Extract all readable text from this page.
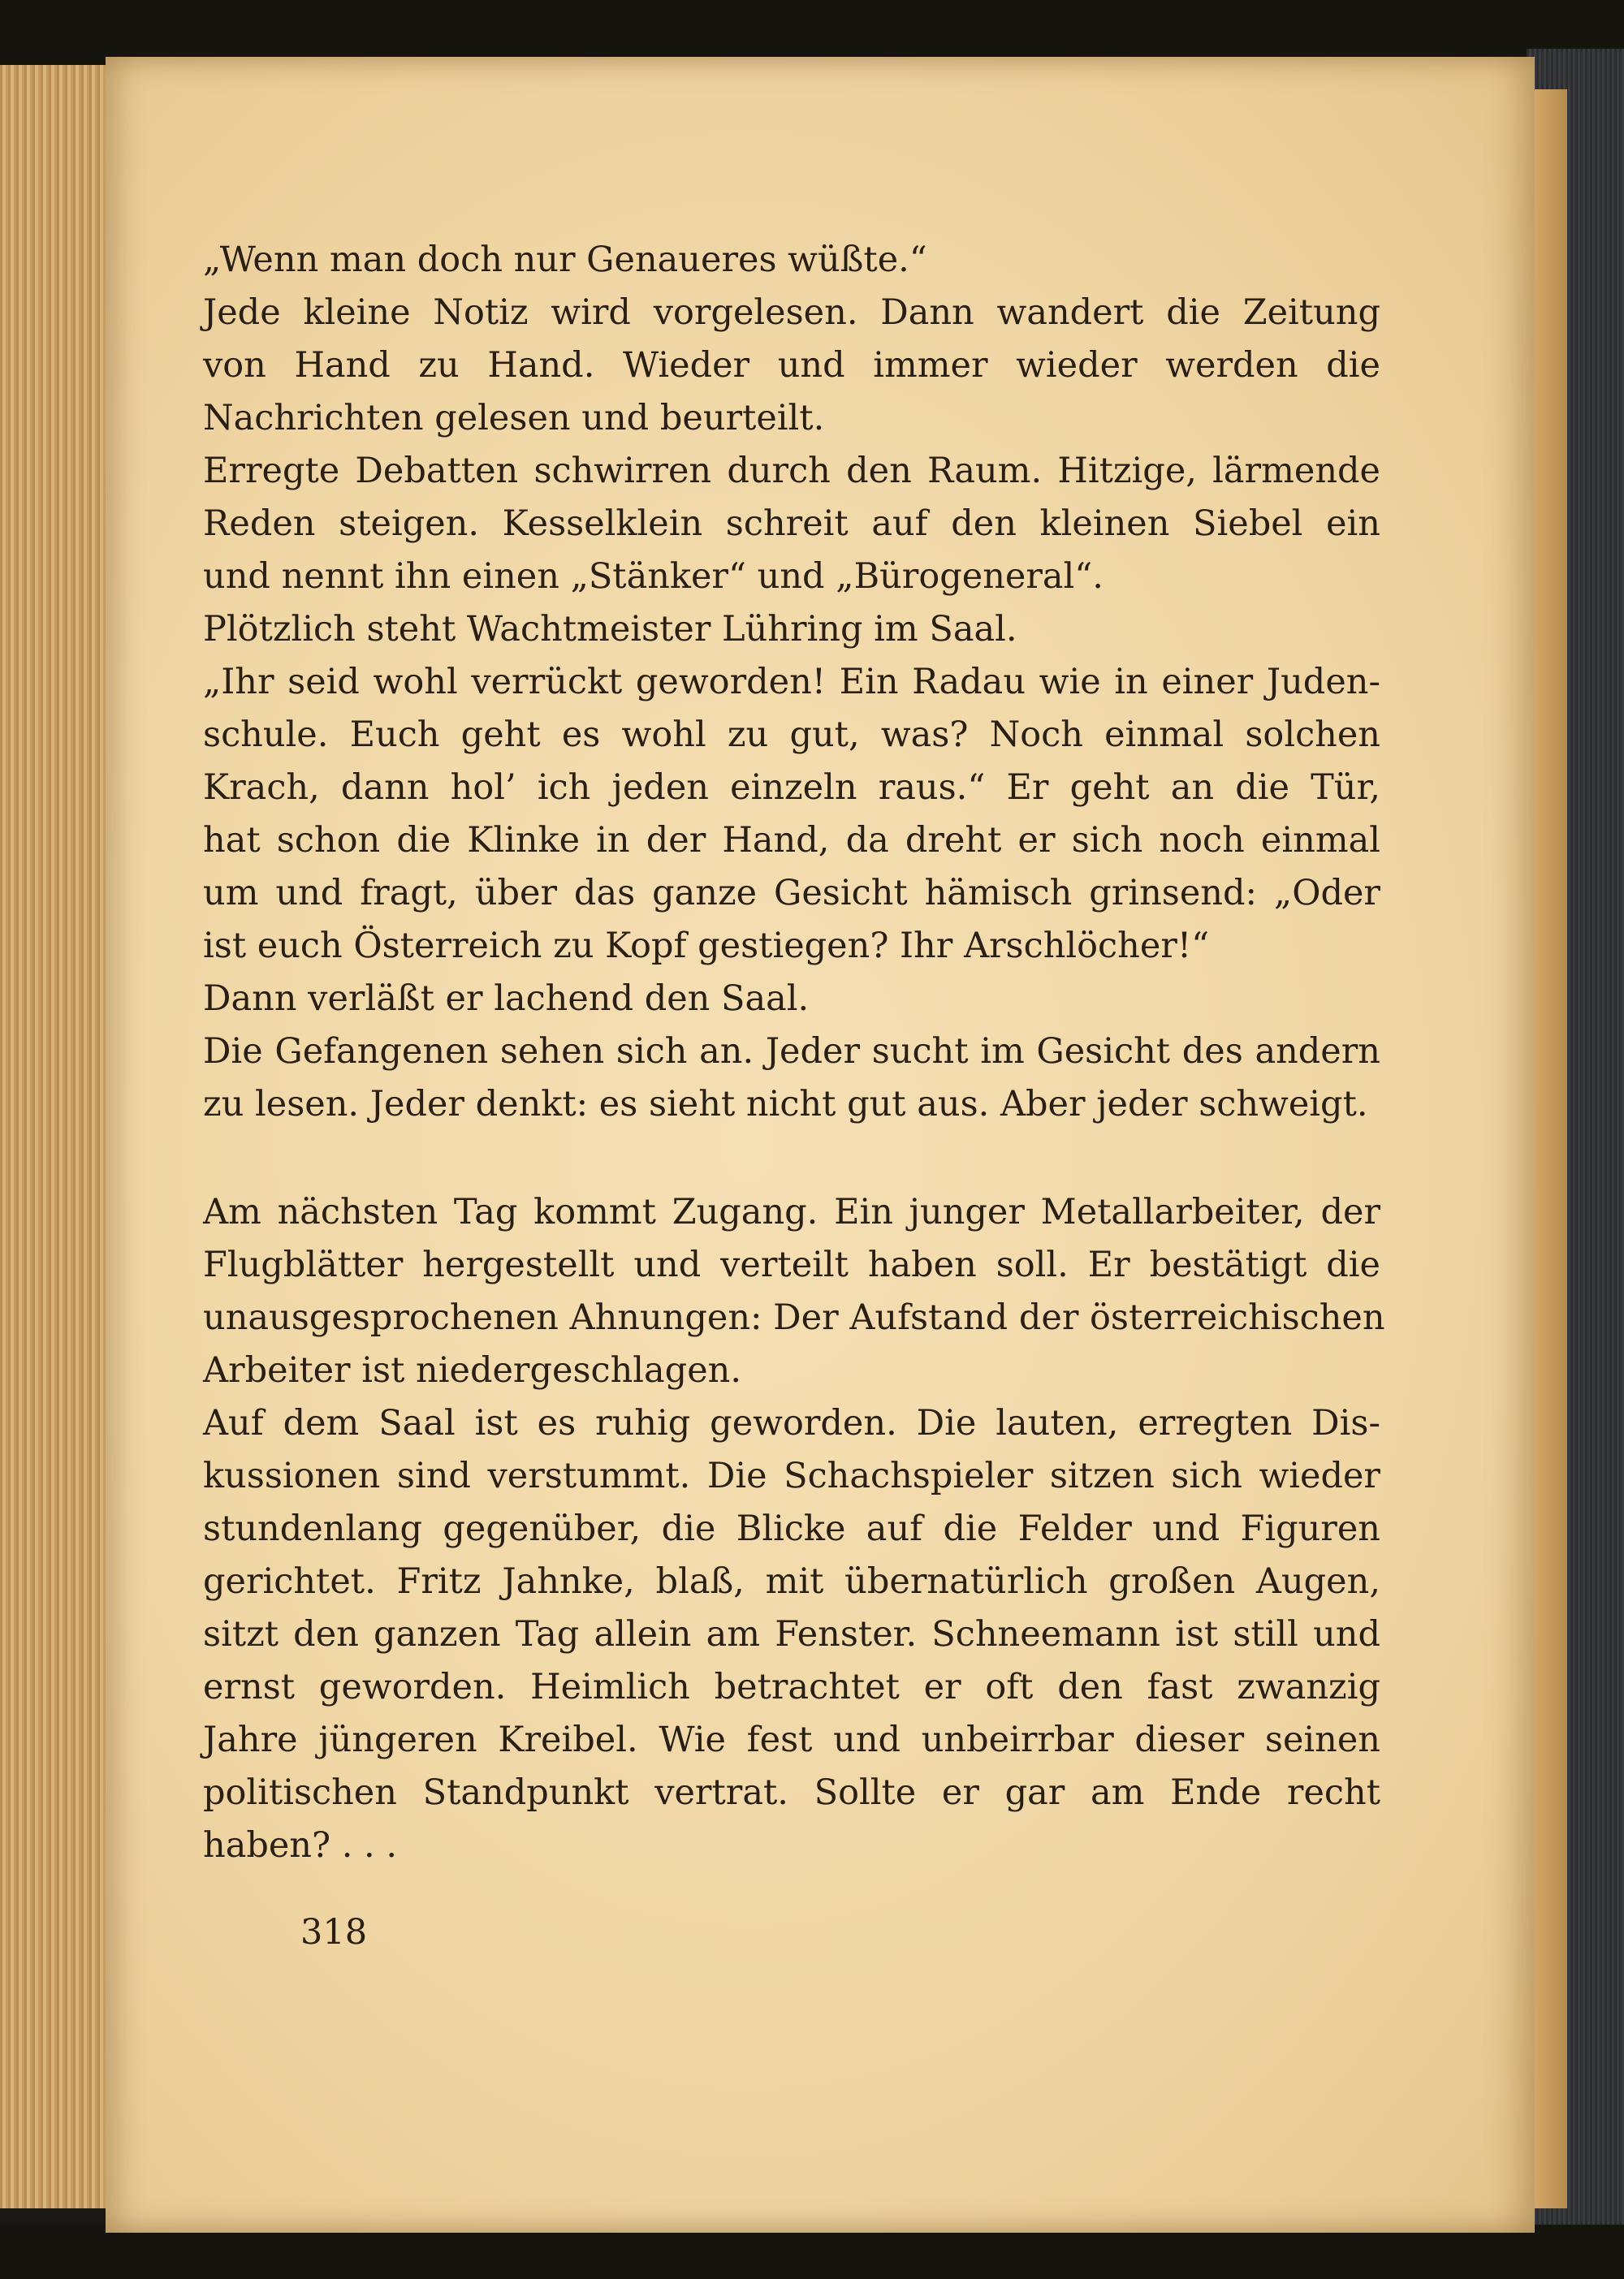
„Wenn man doch nur Genaueres wüßte.“
Jede kleine Notiz wird vorgelesen. Dann wandert die Zeitung
von Hand zu Hand. Wieder und immer wieder werden die
Nachrichten gelesen und beurteilt.
Erregte Debatten schwirren durch den Raum. Hitzige, lärmende
Reden steigen. Kesselklein schreit auf den kleinen Siebel ein
und nennt ihn einen „Stänker“ und „Bürogeneral“.
Plötzlich steht Wachtmeister Lühring im Saal.
„Ihr seid wohl verrückt geworden! Ein Radau wie in einer Juden-
schule. Euch geht es wohl zu gut, was? Noch einmal solchen
Krach, dann hol’ ich jeden einzeln raus.“ Er geht an die Tür,
hat schon die Klinke in der Hand, da dreht er sich noch einmal
um und fragt, über das ganze Gesicht hämisch grinsend: „Oder
ist euch Österreich zu Kopf gestiegen? Ihr Arschlöcher!“
Dann verläßt er lachend den Saal.
Die Gefangenen sehen sich an. Jeder sucht im Gesicht des andern
zu lesen. Jeder denkt: es sieht nicht gut aus. Aber jeder schweigt.
Am nächsten Tag kommt Zugang. Ein junger Metallarbeiter, der
Flugblätter hergestellt und verteilt haben soll. Er bestätigt die
unausgesprochenen Ahnungen: Der Aufstand der österreichischen
Arbeiter ist niedergeschlagen.
Auf dem Saal ist es ruhig geworden. Die lauten, erregten Dis-
kussionen sind verstummt. Die Schachspieler sitzen sich wieder
stundenlang gegenüber, die Blicke auf die Felder und Figuren
gerichtet. Fritz Jahnke, blaß, mit übernatürlich großen Augen,
sitzt den ganzen Tag allein am Fenster. Schneemann ist still und
ernst geworden. Heimlich betrachtet er oft den fast zwanzig
Jahre jüngeren Kreibel. Wie fest und unbeirrbar dieser seinen
politischen Standpunkt vertrat. Sollte er gar am Ende recht
haben? . . .
318
